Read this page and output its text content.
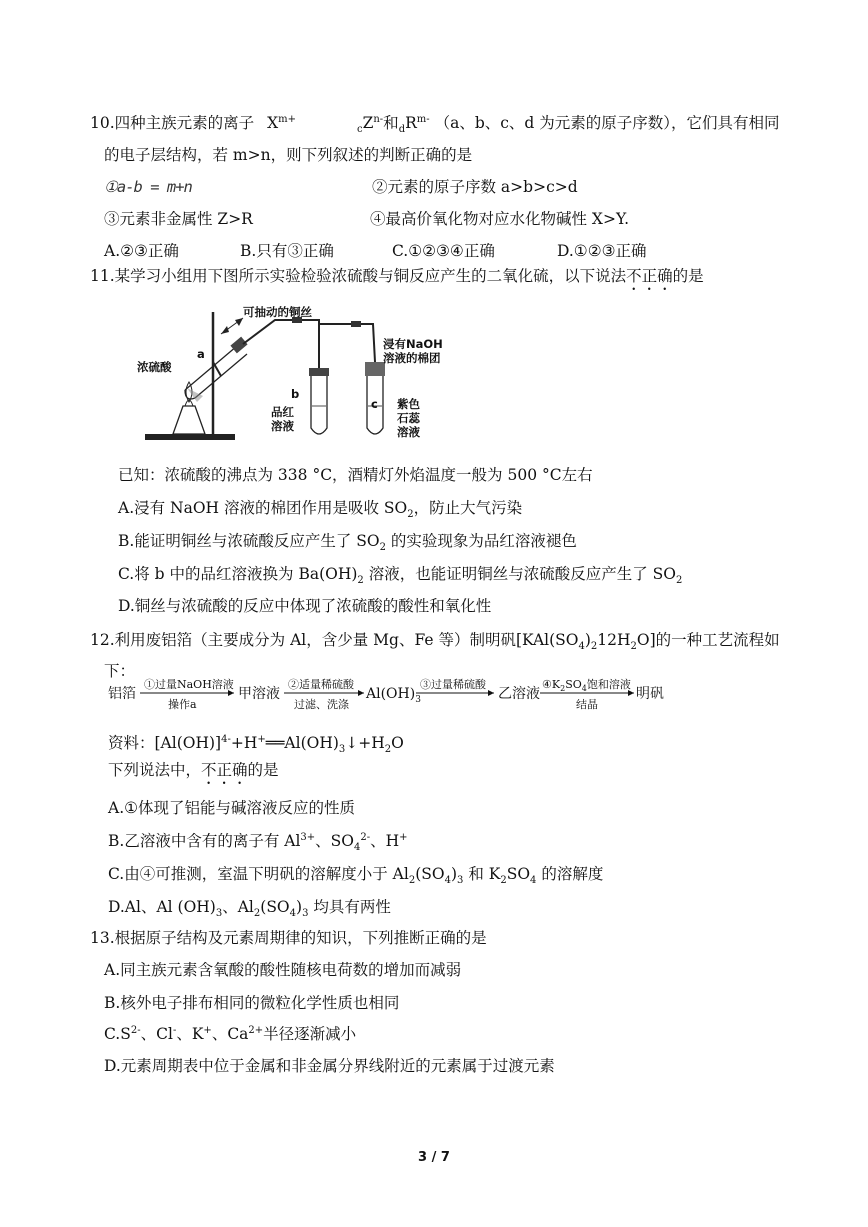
10.四种主族元素的离子 $X^{m+}$ $_cZ^{n-}$和$_dR^{m-}$ （a、b、c、d 为元素的原子序数），它们具有相同
的电子层结构，若 m>n，则下列叙述的判断正确的是
①a-b = m+n	②元素的原子序数 a>b>c>d
③元素非金属性 Z>R	④最高价氧化物对应水化物碱性 X>Y.
A.②③正确	B.只有③正确	C.①②③④正确	D.①②③正确
11.某学习小组用下图所示实验检验浓硫酸与铜反应产生的二氧化硫，以下说法不正确的是
可抽动的铜丝
浓硫酸
a
b
c
浸有NaOH
溶液的棉团
品红
溶液
紫色
石蕊
溶液
已知：浓硫酸的沸点为 338 °C，酒精灯外焰温度一般为 500 °C左右
A.浸有 NaOH 溶液的棉团作用是吸收 $SO_2$，防止大气污染
B.能证明铜丝与浓硫酸反应产生了 $SO_2$ 的实验现象为品红溶液褪色
C.将 b 中的品红溶液换为 $Ba(OH)_2$ 溶液，也能证明铜丝与浓硫酸反应产生了 $SO_2$
D.铜丝与浓硫酸的反应中体现了浓硫酸的酸性和氧化性
12.利用废铝箔（主要成分为 Al，含少量 Mg、Fe 等）制明矾$[KAl(SO_4)_212H_2O]$的一种工艺流程如
下：
铝箔
①过量NaOH溶液
操作a
甲溶液
②适量稀硫酸
过滤、洗涤
$Al(OH)_3$
③过量稀硫酸
乙溶液
$④K_2SO_4$饱和溶液
结晶
明矾
资料：$[Al(OH)]^{4-}+H^+══Al(OH)_3↓+H_2O$
下列说法中，不正确的是
A.①体现了铝能与碱溶液反应的性质
B.乙溶液中含有的离子有 $Al^{3+}$、$SO_4^{2-}$、H+
C.由④可推测，室温下明矾的溶解度小于 $Al_2(SO_4)_3$ 和 $K_2SO_4$ 的溶解度
D.Al、Al $(OH)_3$、$Al_2(SO_4)_3$ 均具有两性
13.根据原子结构及元素周期律的知识，下列推断正确的是
A.同主族元素含氧酸的酸性随核电荷数的增加而减弱
B.核外电子排布相同的微粒化学性质也相同
$C.S^{2-}$、Cl-、K+、$Ca^{2+}$半径逐渐减小
D.元素周期表中位于金属和非金属分界线附近的元素属于过渡元素
3 / 7
